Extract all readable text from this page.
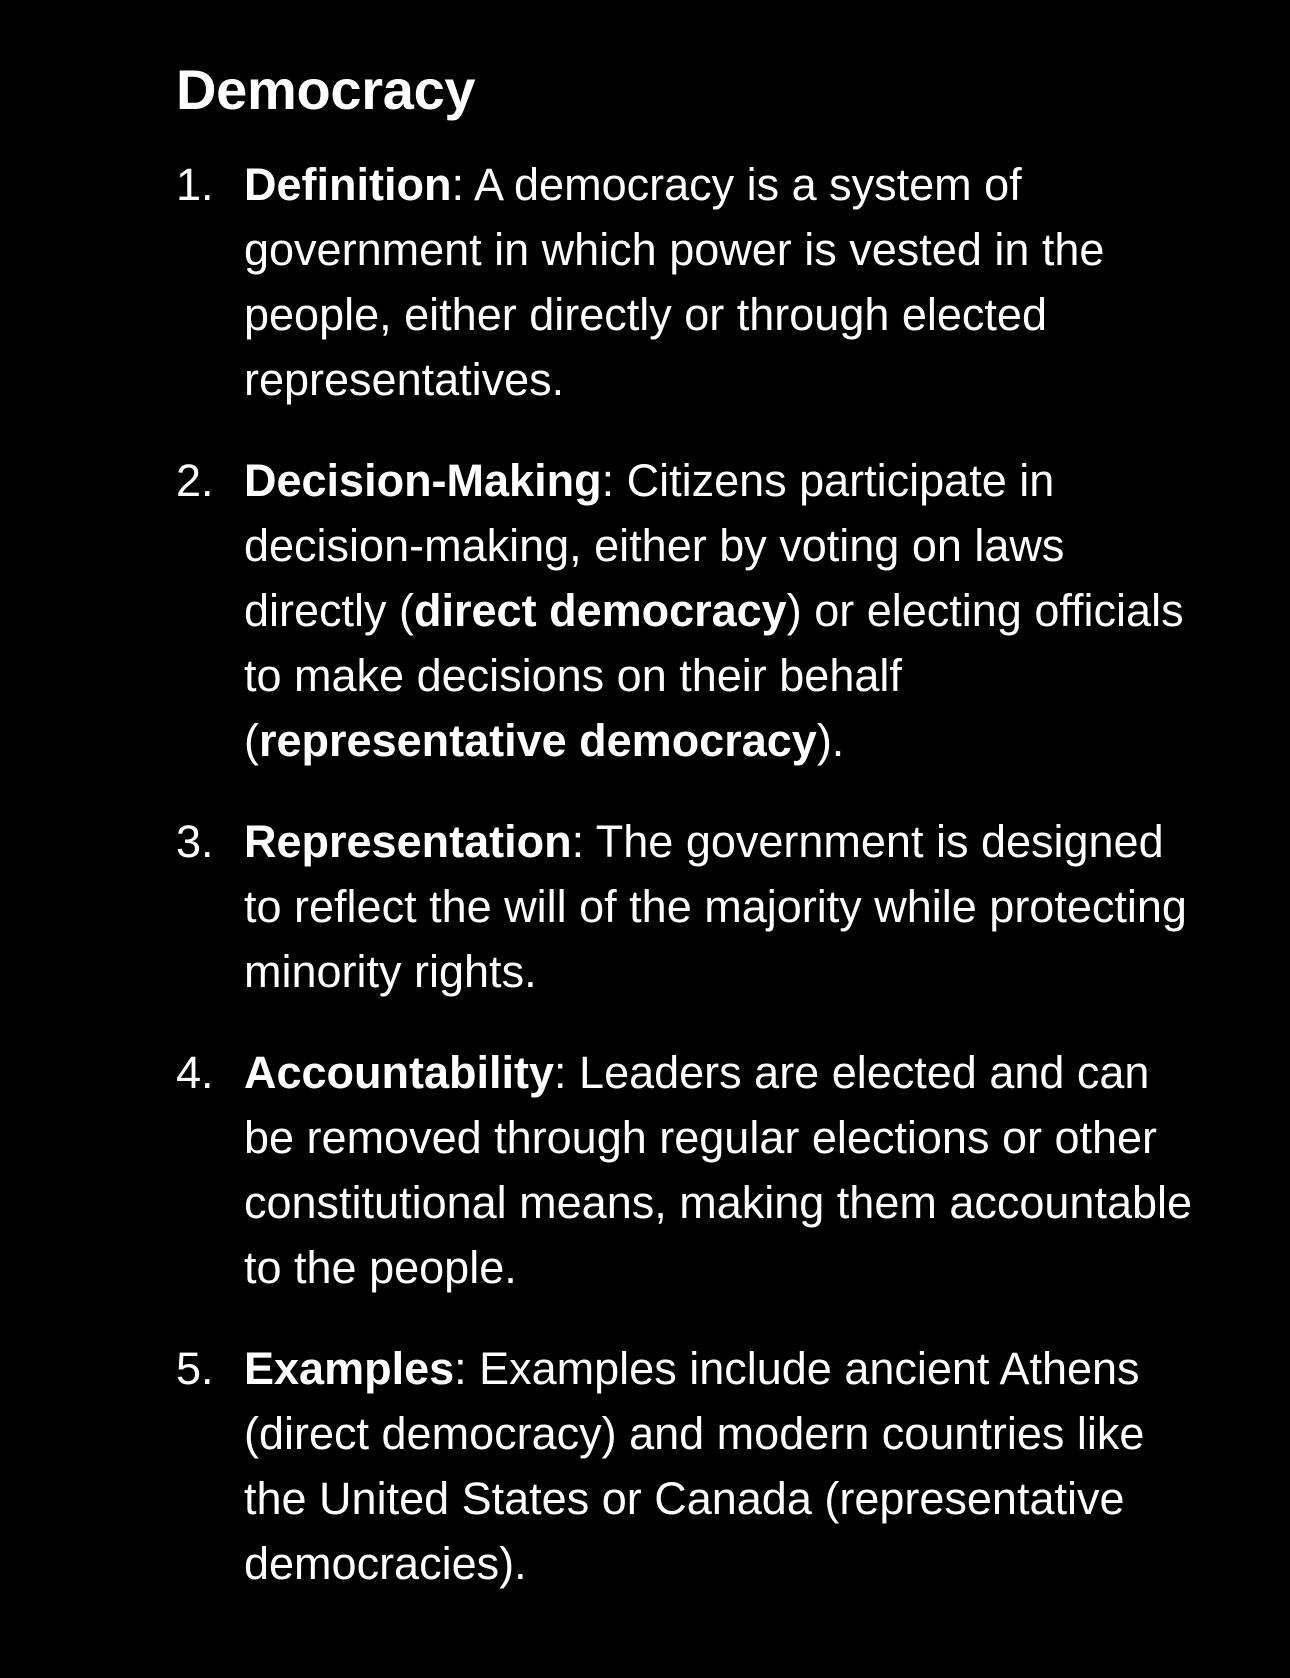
Democracy
1. Definition: A democracy is a system of government in which power is vested in the people, either directly or through elected representatives.
2. Decision-Making: Citizens participate in decision-making, either by voting on laws directly (direct democracy) or electing officials to make decisions on their behalf (representative democracy).
3. Representation: The government is designed to reflect the will of the majority while protecting minority rights.
4. Accountability: Leaders are elected and can be removed through regular elections or other constitutional means, making them accountable to the people.
5. Examples: Examples include ancient Athens (direct democracy) and modern countries like the United States or Canada (representative democracies).
